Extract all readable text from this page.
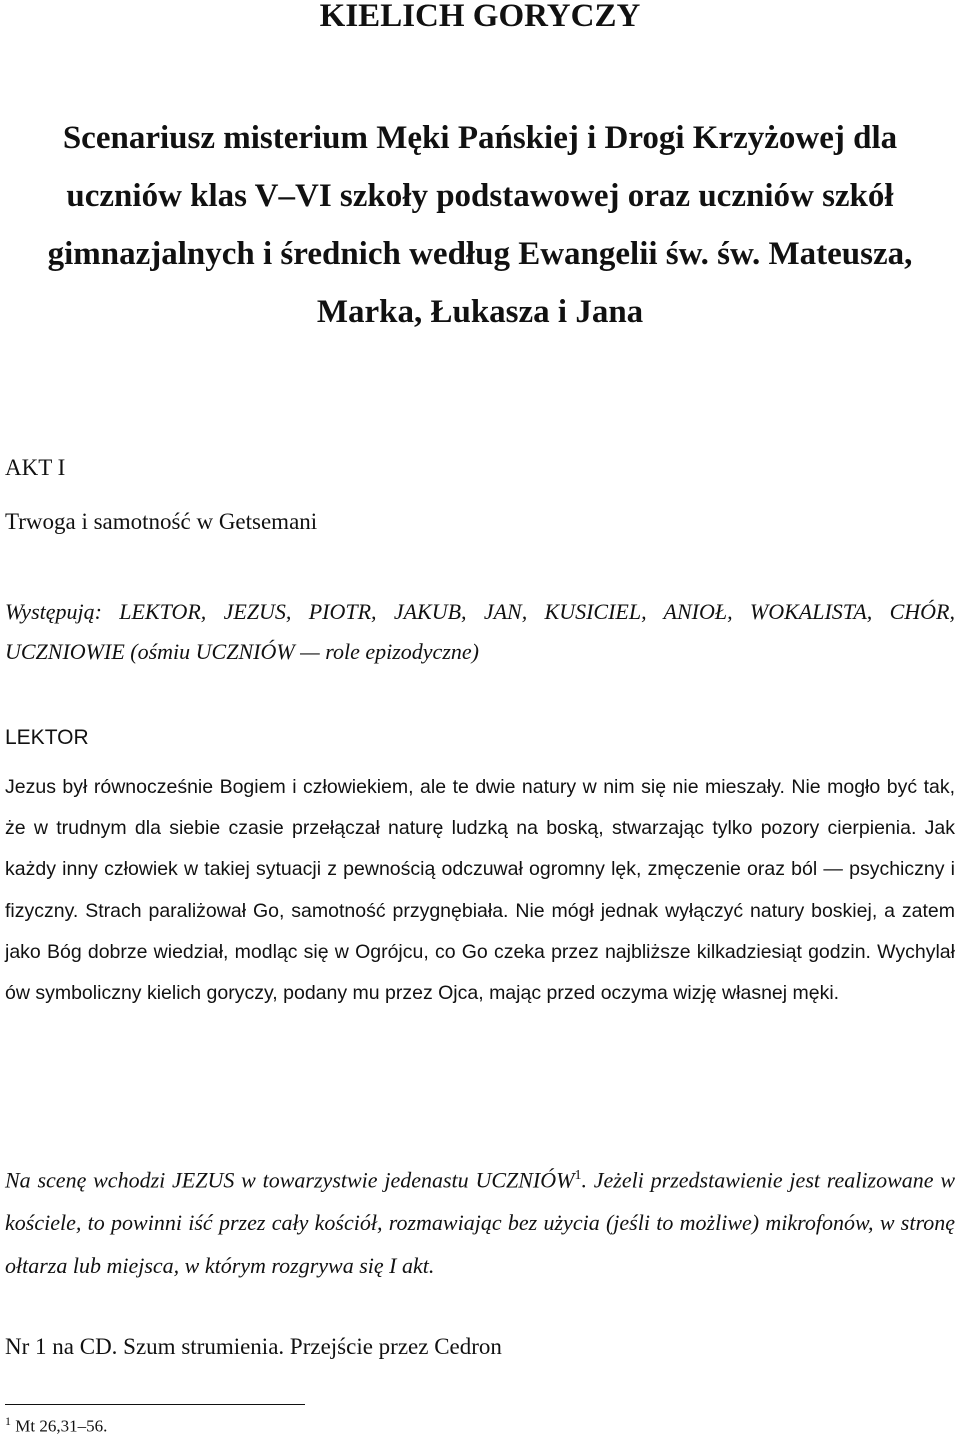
KIELICH GORYCZY
Scenariusz misterium Męki Pańskiej i Drogi Krzyżowej dla
uczniów klas V–VI szkoły podstawowej oraz uczniów szkół
gimnazjalnych i średnich według Ewangelii św. św. Mateusza,
Marka, Łukasza i Jana

AKT I

Trwoga i samotność w Getsemani

Występują: LEKTOR, JEZUS, PIOTR, JAKUB, JAN, KUSICIEL, ANIOŁ, WOKALISTA, CHÓR, UCZNIOWIE (ośmiu UCZNIÓW — role epizodyczne)

LEKTOR

Jezus był równocześnie Bogiem i człowiekiem, ale te dwie natury w nim się nie mieszały. Nie mogło być tak, że w trudnym dla siebie czasie przełączał naturę ludzką na boską, stwarzając tylko pozory cierpienia. Jak każdy inny człowiek w takiej sytuacji z pewnością odczuwał ogromny lęk, zmęczenie oraz ból — psychiczny i fizyczny. Strach paraliżował Go, samotność przygnębiała. Nie mógł jednak wyłączyć natury boskiej, a zatem jako Bóg dobrze wiedział, modląc się w Ogrójcu, co Go czeka przez najbliższe kilkadziesiąt godzin. Wychylał ów symboliczny kielich goryczy, podany mu przez Ojca, mając przed oczyma wizję własnej męki.

Na scenę wchodzi JEZUS w towarzystwie jedenastu UCZNIÓW$^1$. Jeżeli przedstawienie jest realizowane w kościele, to powinni iść przez cały kościół, rozmawiając bez użycia (jeśli to możliwe) mikrofonów, w stronę ołtarza lub miejsca, w którym rozgrywa się I akt.

Nr 1 na CD. Szum strumienia. Przejście przez Cedron

$^1$ Mt 26,31–56.
